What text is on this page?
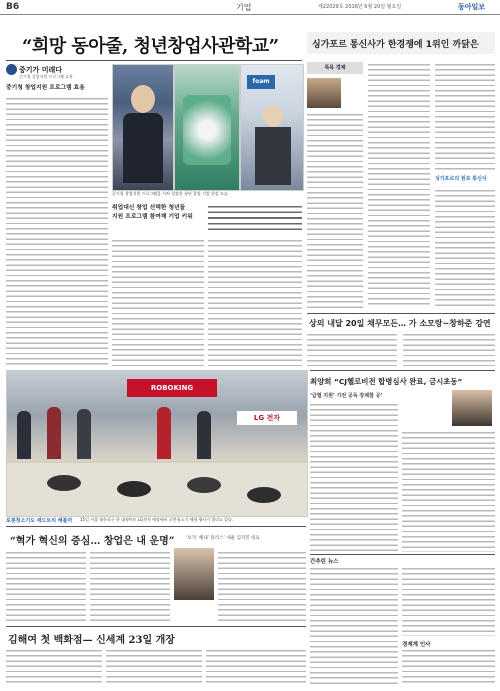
B6	기업	제22029호 2016년 6월 20일 월요일	동아일보
“희망 동아줄, 청년창업사관학교”
중기가 미래다
중기청 창업지원 프로그램 효용
중기청 창업지원 프로그램 효용
foam
중기청 창업지원 프로그램을 거쳐 성장한 청년 창업 기업 현장 모습.
취업대신 창업 선택한 청년들
지원 프로그램 참여해 기업 키워
싱가포르 통신사가 한경쟁에 1위인 까닭은
특목 경제
싱가포르의 원로 통신사
상의 내달 20일 채무모든… 가 소모랑~창하준 강연
ROBOKING
LG 전자
로봇청소기도 애드트리 해볼까 15일 서울 영등포구 한 대형마트 LG전자 매장에서 로봇청소기 체험 행사가 열리고 있다.
최양희 “CJ헬로비전 합병심사 완료, 금시초동”
‘급협 지원’ 가전 공독 장제함 공’
간추린 뉴스
경제계 인사
“혁가 혁신의 증심… 창업은 내 운명”	‘보가’ 해내’ 틀러스’ 세운 김지민 대표
김해여 첫 백화점— 신세계 23일 개장
